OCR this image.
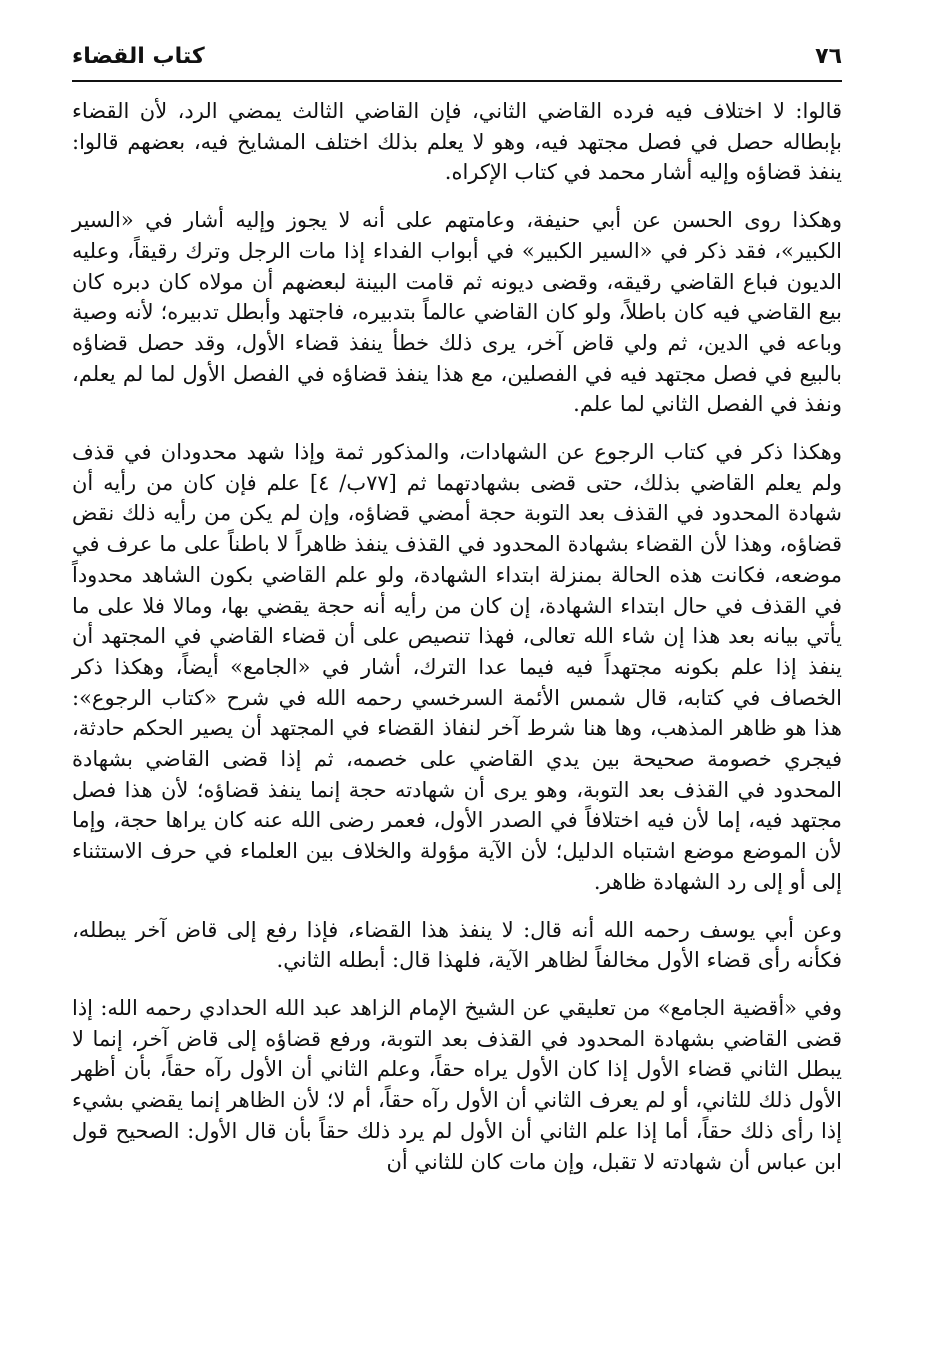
٧٦
كتاب القضاء

قالوا: لا اختلاف فيه فرده القاضي الثاني، فإن القاضي الثالث يمضي الرد، لأن القضاء بإبطاله حصل في فصل مجتهد فيه، وهو لا يعلم بذلك اختلف المشايخ فيه، بعضهم قالوا: ينفذ قضاؤه وإليه أشار محمد في كتاب الإكراه.

وهكذا روى الحسن عن أبي حنيفة، وعامتهم على أنه لا يجوز وإليه أشار في «السير الكبير»، فقد ذكر في «السير الكبير» في أبواب الفداء إذا مات الرجل وترك رقيقاً، وعليه الديون فباع القاضي رقيقه، وقضى ديونه ثم قامت البينة لبعضهم أن مولاه كان دبره كان بيع القاضي فيه كان باطلاً، ولو كان القاضي عالماً بتدبيره، فاجتهد وأبطل تدبيره؛ لأنه وصية وباعه في الدين، ثم ولي قاض آخر، يرى ذلك خطأ ينفذ قضاء الأول، وقد حصل قضاؤه بالبيع في فصل مجتهد فيه في الفصلين، مع هذا ينفذ قضاؤه في الفصل الأول لما لم يعلم، ونفذ في الفصل الثاني لما علم.

وهكذا ذكر في كتاب الرجوع عن الشهادات، والمذكور ثمة وإذا شهد محدودان في قذف ولم يعلم القاضي بذلك، حتى قضى بشهادتهما ثم [٧٧ب/ ٤] علم فإن كان من رأيه أن شهادة المحدود في القذف بعد التوبة حجة أمضي قضاؤه، وإن لم يكن من رأيه ذلك نقض قضاؤه، وهذا لأن القضاء بشهادة المحدود في القذف ينفذ ظاهراً لا باطناً على ما عرف في موضعه، فكانت هذه الحالة بمنزلة ابتداء الشهادة، ولو علم القاضي بكون الشاهد محدوداً في القذف في حال ابتداء الشهادة، إن كان من رأيه أنه حجة يقضي بها، ومالا فلا على ما يأتي بيانه بعد هذا إن شاء الله تعالى، فهذا تنصيص على أن قضاء القاضي في المجتهد أن ينفذ إذا علم بكونه مجتهداً فيه فيما عدا الترك، أشار في «الجامع» أيضاً، وهكذا ذكر الخصاف في كتابه، قال شمس الأئمة السرخسي رحمه الله في شرح «كتاب الرجوع»: هذا هو ظاهر المذهب، وها هنا شرط آخر لنفاذ القضاء في المجتهد أن يصير الحكم حادثة، فيجري خصومة صحيحة بين يدي القاضي على خصمه، ثم إذا قضى القاضي بشهادة المحدود في القذف بعد التوبة، وهو يرى أن شهادته حجة إنما ينفذ قضاؤه؛ لأن هذا فصل مجتهد فيه، إما لأن فيه اختلافاً في الصدر الأول، فعمر رضى الله عنه كان يراها حجة، وإما لأن الموضع موضع اشتباه الدليل؛ لأن الآية مؤولة والخلاف بين العلماء في حرف الاستثناء إلى أو إلى رد الشهادة ظاهر.

وعن أبي يوسف رحمه الله أنه قال: لا ينفذ هذا القضاء، فإذا رفع إلى قاض آخر يبطله، فكأنه رأى قضاء الأول مخالفاً لظاهر الآية، فلهذا قال: أبطله الثاني.

وفي «أقضية الجامع» من تعليقي عن الشيخ الإمام الزاهد عبد الله الحدادي رحمه الله: إذا قضى القاضي بشهادة المحدود في القذف بعد التوبة، ورفع قضاؤه إلى قاض آخر، إنما لا يبطل الثاني قضاء الأول إذا كان الأول يراه حقاً، وعلم الثاني أن الأول رآه حقاً، بأن أظهر الأول ذلك للثاني، أو لم يعرف الثاني أن الأول رآه حقاً، أم لا؛ لأن الظاهر إنما يقضي بشيء إذا رأى ذلك حقاً، أما إذا علم الثاني أن الأول لم يرد ذلك حقاً بأن قال الأول: الصحيح قول ابن عباس أن شهادته لا تقبل، وإن مات كان للثاني أن
